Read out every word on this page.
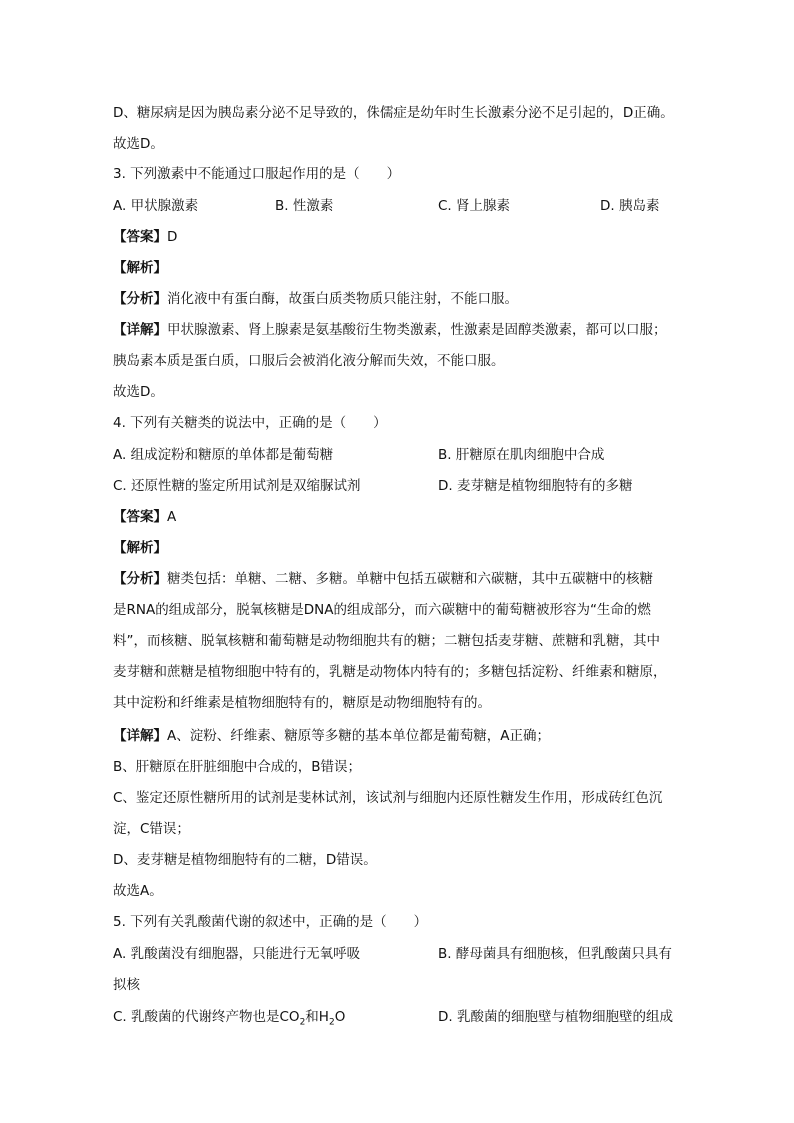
D、糖尿病是因为胰岛素分泌不足导致的，侏儒症是幼年时生长激素分泌不足引起的，D正确。
故选D。
3. 下列激素中不能通过口服起作用的是（　　）
A. 甲状腺激素	B. 性激素	C. 肾上腺素	D. 胰岛素
【答案】D
【解析】
【分析】消化液中有蛋白酶，故蛋白质类物质只能注射，不能口服。
【详解】甲状腺激素、肾上腺素是氨基酸衍生物类激素，性激素是固醇类激素，都可以口服；
胰岛素本质是蛋白质，口服后会被消化液分解而失效，不能口服。
故选D。
4. 下列有关糖类的说法中，正确的是（　　）
A. 组成淀粉和糖原的单体都是葡萄糖	B. 肝糖原在肌肉细胞中合成
C. 还原性糖的鉴定所用试剂是双缩脲试剂	D. 麦芽糖是植物细胞特有的多糖
【答案】A
【解析】
【分析】糖类包括：单糖、二糖、多糖。单糖中包括五碳糖和六碳糖，其中五碳糖中的核糖
是RNA的组成部分，脱氧核糖是DNA的组成部分，而六碳糖中的葡萄糖被形容为“生命的燃
料”，而核糖、脱氧核糖和葡萄糖是动物细胞共有的糖；二糖包括麦芽糖、蔗糖和乳糖，其中
麦芽糖和蔗糖是植物细胞中特有的，乳糖是动物体内特有的；多糖包括淀粉、纤维素和糖原，
其中淀粉和纤维素是植物细胞特有的，糖原是动物细胞特有的。
【详解】A、淀粉、纤维素、糖原等多糖的基本单位都是葡萄糖，A正确；
B、肝糖原在肝脏细胞中合成的，B错误；
C、鉴定还原性糖所用的试剂是斐林试剂，该试剂与细胞内还原性糖发生作用，形成砖红色沉
淀，C错误；
D、麦芽糖是植物细胞特有的二糖，D错误。
故选A。
5. 下列有关乳酸菌代谢的叙述中，正确的是（　　）
A. 乳酸菌没有细胞器，只能进行无氧呼吸	B. 酵母菌具有细胞核，但乳酸菌只具有
拟核
C. 乳酸菌的代谢终产物也是$CO_2$和$H_2O$	D. 乳酸菌的细胞壁与植物细胞壁的组成
